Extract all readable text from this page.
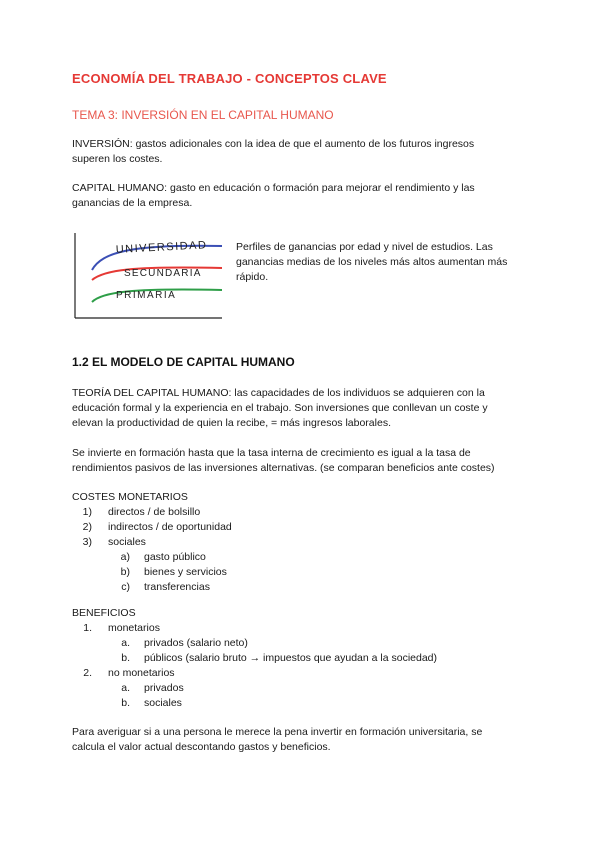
ECONOMÍA DEL TRABAJO - CONCEPTOS CLAVE
TEMA 3: INVERSIÓN EN EL CAPITAL HUMANO
INVERSIÓN: gastos adicionales con la idea de que el aumento de los futuros ingresos
superen los costes.
CAPITAL HUMANO: gasto en educación o formación para mejorar el rendimiento y las
ganancias de la empresa.
UNIVERSIDAD
SECUNDARIA
PRIMARIA
Perfiles de ganancias por edad y nivel de estudios. Las
ganancias medias de los niveles más altos aumentan más
rápido.
1.2 EL MODELO DE CAPITAL HUMANO
TEORÍA DEL CAPITAL HUMANO: las capacidades de los individuos se adquieren con la
educación formal y la experiencia en el trabajo. Son inversiones que conllevan un coste y
elevan la productividad de quien la recibe, = más ingresos laborales.
Se invierte en formación hasta que la tasa interna de crecimiento es igual a la tasa de
rendimientos pasivos de las inversiones alternativas. (se comparan beneficios ante costes)
COSTES MONETARIOS
1) directos / de bolsillo
2) indirectos / de oportunidad
3) sociales
a) gasto público
b) bienes y servicios
c) transferencias
BENEFICIOS
1. monetarios
a. privados (salario neto)
b. públicos (salario bruto → impuestos que ayudan a la sociedad)
2. no monetarios
a. privados
b. sociales
Para averiguar si a una persona le merece la pena invertir en formación universitaria, se
calcula el valor actual descontando gastos y beneficios.
